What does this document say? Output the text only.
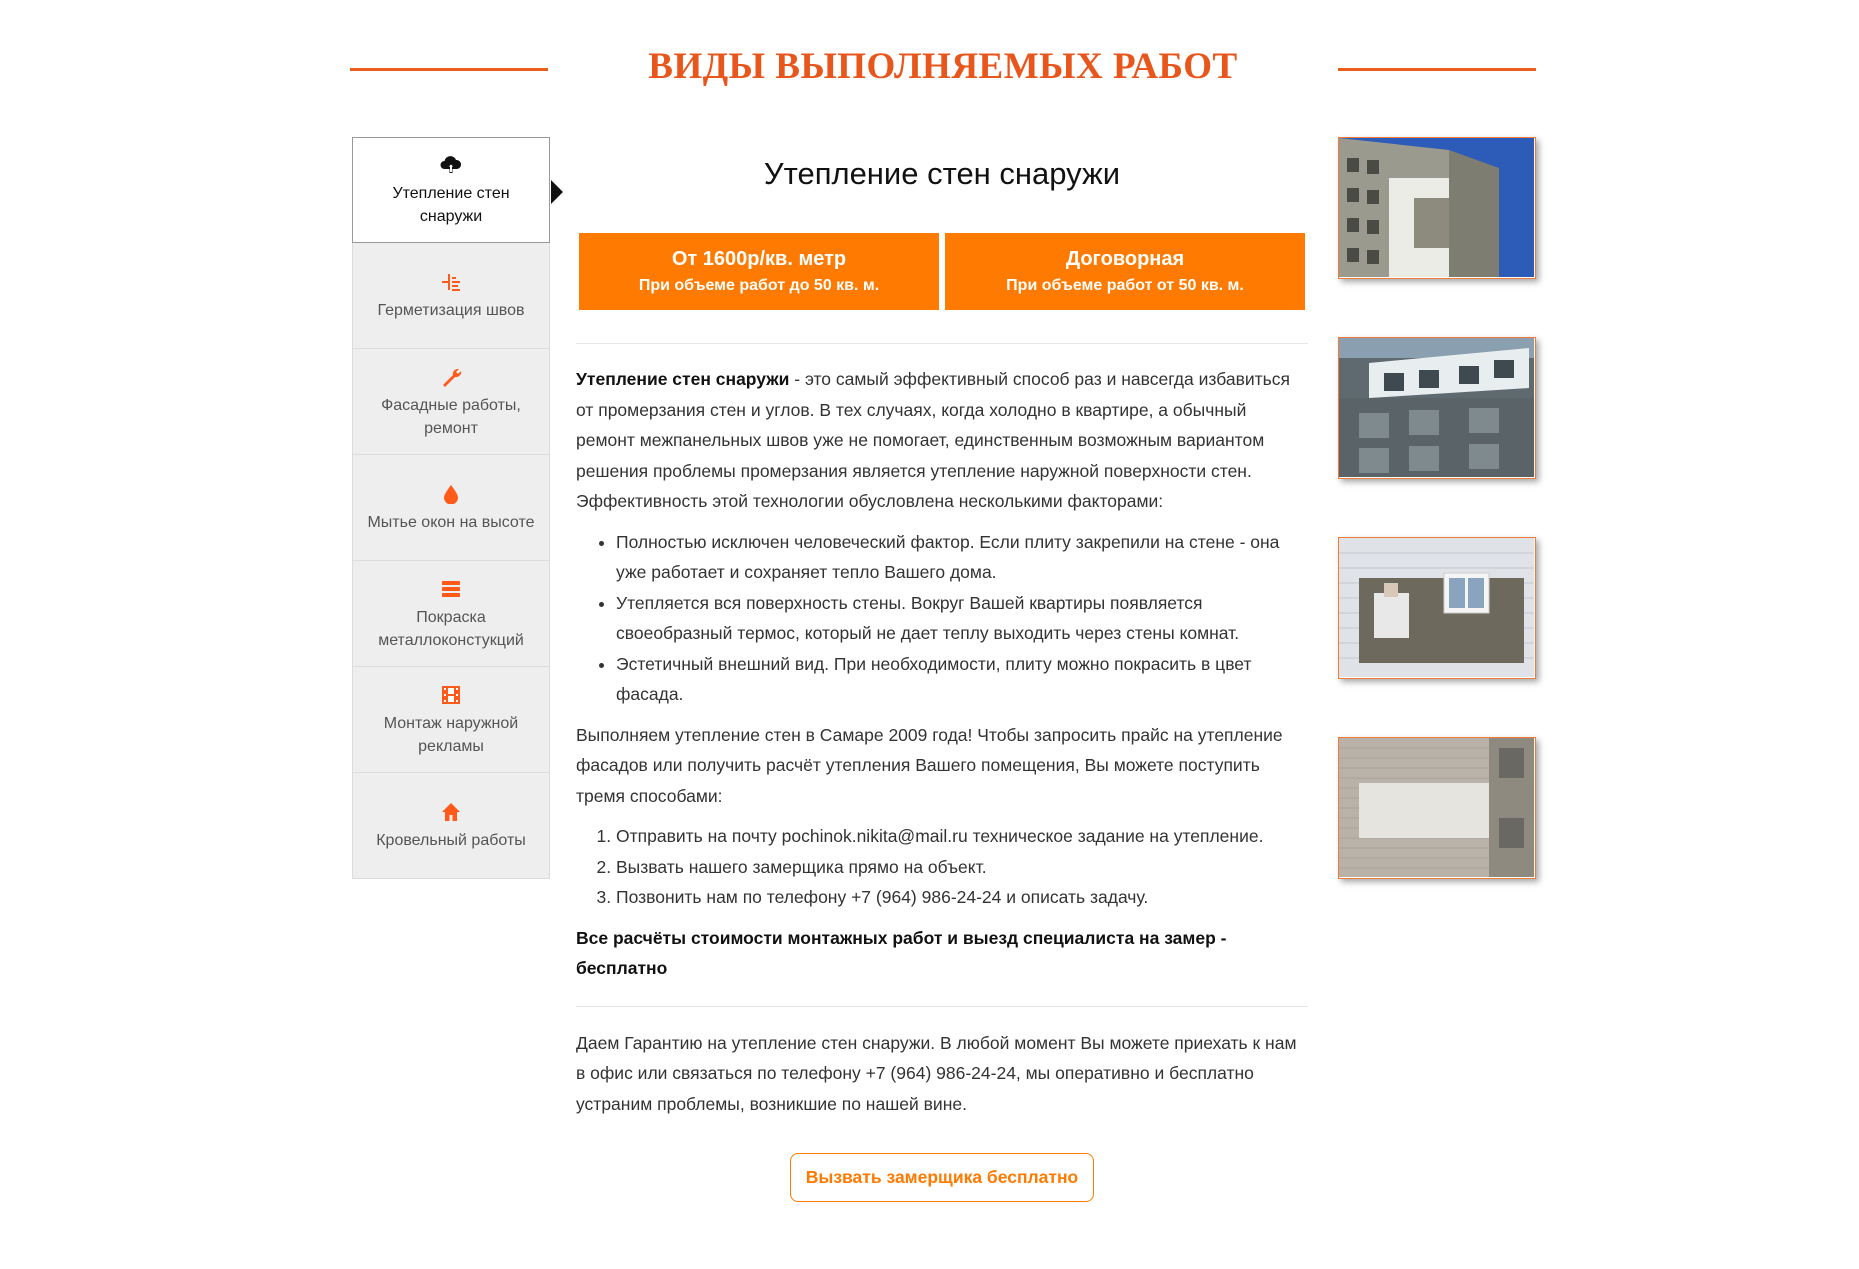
ВИДЫ ВЫПОЛНЯЕМЫХ РАБОТ
Утепление стен снаружи
Герметизация швов
Фасадные работы, ремонт
Мытье окон на высоте
Покраска металлоконстукций
Монтаж наружной рекламы
Кровельный работы
Утепление стен снаружи
От 1600р/кв. метр
При объеме работ до 50 кв. м.
Договорная
При объеме работ от 50 кв. м.

Утепление стен снаружи - это самый эффективный способ раз и навсегда избавиться от промерзания стен и углов. В тех случаях, когда холодно в квартире, а обычный ремонт межпанельных швов уже не помогает, единственным возможным вариантом решения проблемы промерзания является утепление наружной поверхности стен. Эффективность этой технологии обусловлена несколькими факторами:

• Полностью исключен человеческий фактор. Если плиту закрепили на стене - она уже работает и сохраняет тепло Вашего дома.
• Утепляется вся поверхность стены. Вокруг Вашей квартиры появляется своеобразный термос, который не дает теплу выходить через стены комнат.
• Эстетичный внешний вид. При необходимости, плиту можно покрасить в цвет фасада.

Выполняем утепление стен в Самаре 2009 года! Чтобы запросить прайс на утепление фасадов или получить расчёт утепления Вашего помещения, Вы можете поступить тремя способами:

1. Отправить на почту pochinok.nikita@mail.ru техническое задание на утепление.
2. Вызвать нашего замерщика прямо на объект.
3. Позвонить нам по телефону +7 (964) 986-24-24 и описать задачу.

Все расчёты стоимости монтажных работ и выезд специалиста на замер - бесплатно

Даем Гарантию на утепление стен снаружи. В любой момент Вы можете приехать к нам в офис или связаться по телефону +7 (964) 986-24-24, мы оперативно и бесплатно устраним проблемы, возникшие по нашей вине.

Вызвать замерщика бесплатно
